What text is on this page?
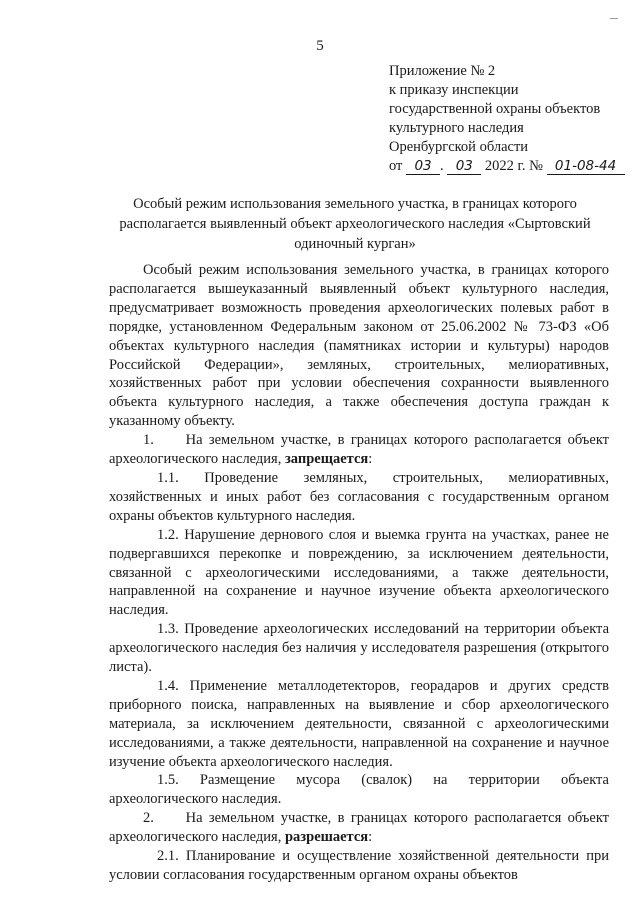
5
Приложение № 2
к приказу инспекции
государственной охраны объектов
культурного наследия
Оренбургской области
от 03 . 03 2022 г. № 01-08-44
Особый режим использования земельного участка, в границах которого располагается выявленный объект археологического наследия «Сыртовский одиночный курган»

Особый режим использования земельного участка, в границах которого располагается вышеуказанный выявленный объект культурного наследия, предусматривает возможность проведения археологических полевых работ в порядке, установленном Федеральным законом от 25.06.2002 № 73-ФЗ «Об объектах культурного наследия (памятниках истории и культуры) народов Российской Федерации», земляных, строительных, мелиоративных, хозяйственных работ при условии обеспечения сохранности выявленного объекта культурного наследия, а также обеспечения доступа граждан к указанному объекту.

1. На земельном участке, в границах которого располагается объект археологического наследия, запрещается:

1.1. Проведение земляных, строительных, мелиоративных, хозяйственных и иных работ без согласования с государственным органом охраны объектов культурного наследия.

1.2. Нарушение дернового слоя и выемка грунта на участках, ранее не подвергавшихся перекопке и повреждению, за исключением деятельности, связанной с археологическими исследованиями, а также деятельности, направленной на сохранение и научное изучение объекта археологического наследия.

1.3. Проведение археологических исследований на территории объекта археологического наследия без наличия у исследователя разрешения (открытого листа).

1.4. Применение металлодетекторов, георадаров и других средств приборного поиска, направленных на выявление и сбор археологического материала, за исключением деятельности, связанной с археологическими исследованиями, а также деятельности, направленной на сохранение и научное изучение объекта археологического наследия.

1.5. Размещение мусора (свалок) на территории объекта археологического наследия.

2. На земельном участке, в границах которого располагается объект археологического наследия, разрешается:

2.1. Планирование и осуществление хозяйственной деятельности при условии согласования государственным органом охраны объектов
